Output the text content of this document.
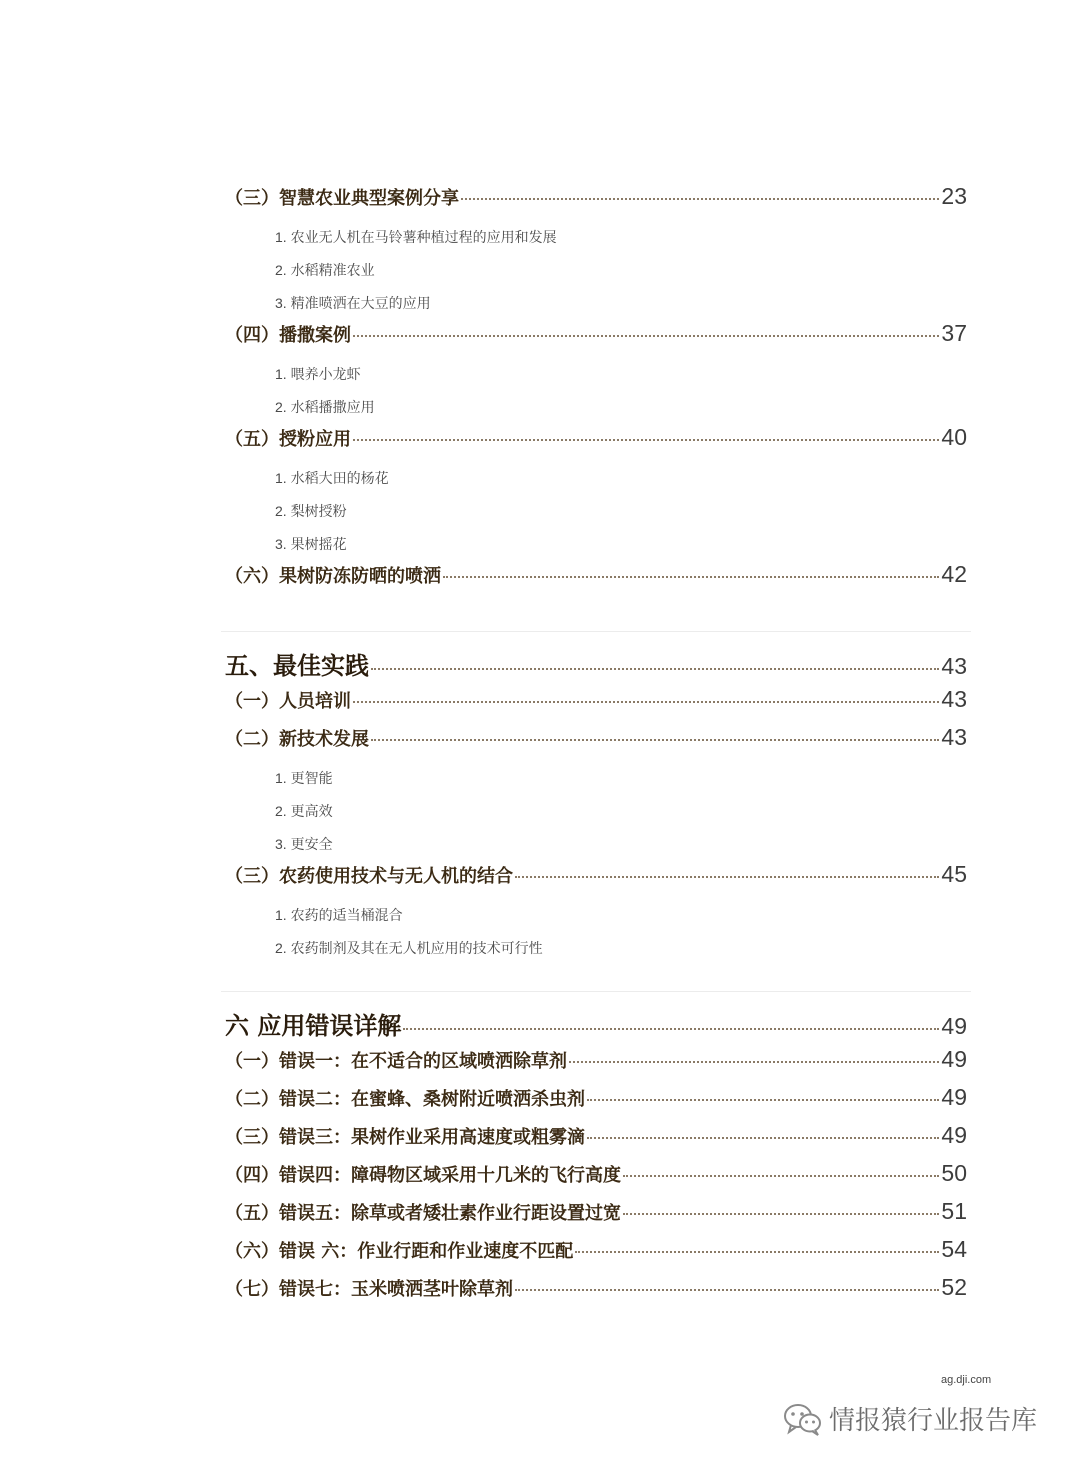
（三）智慧农业典型案例分享	23
1. 农业无人机在马铃薯种植过程的应用和发展
2. 水稻精准农业
3. 精准喷洒在大豆的应用
（四）播撒案例	37
1. 喂养小龙虾
2. 水稻播撒应用
（五）授粉应用	40
1. 水稻大田的杨花
2. 梨树授粉
3. 果树摇花
（六）果树防冻防晒的喷洒	42
五、最佳实践	43
（一）人员培训	43
（二）新技术发展	43
1. 更智能
2. 更高效
3. 更安全
（三）农药使用技术与无人机的结合	45
1. 农药的适当桶混合
2. 农药制剂及其在无人机应用的技术可行性
六 应用错误详解	49
（一）错误一：在不适合的区域喷洒除草剂	49
（二）错误二：在蜜蜂、桑树附近喷洒杀虫剂	49
（三）错误三：果树作业采用高速度或粗雾滴	49
（四）错误四：障碍物区域采用十几米的飞行高度	50
（五）错误五：除草或者矮壮素作业行距设置过宽	51
（六）错误 六：作业行距和作业速度不匹配	54
（七）错误七：玉米喷洒茎叶除草剂	52
ag.dji.com
情报猿行业报告库
